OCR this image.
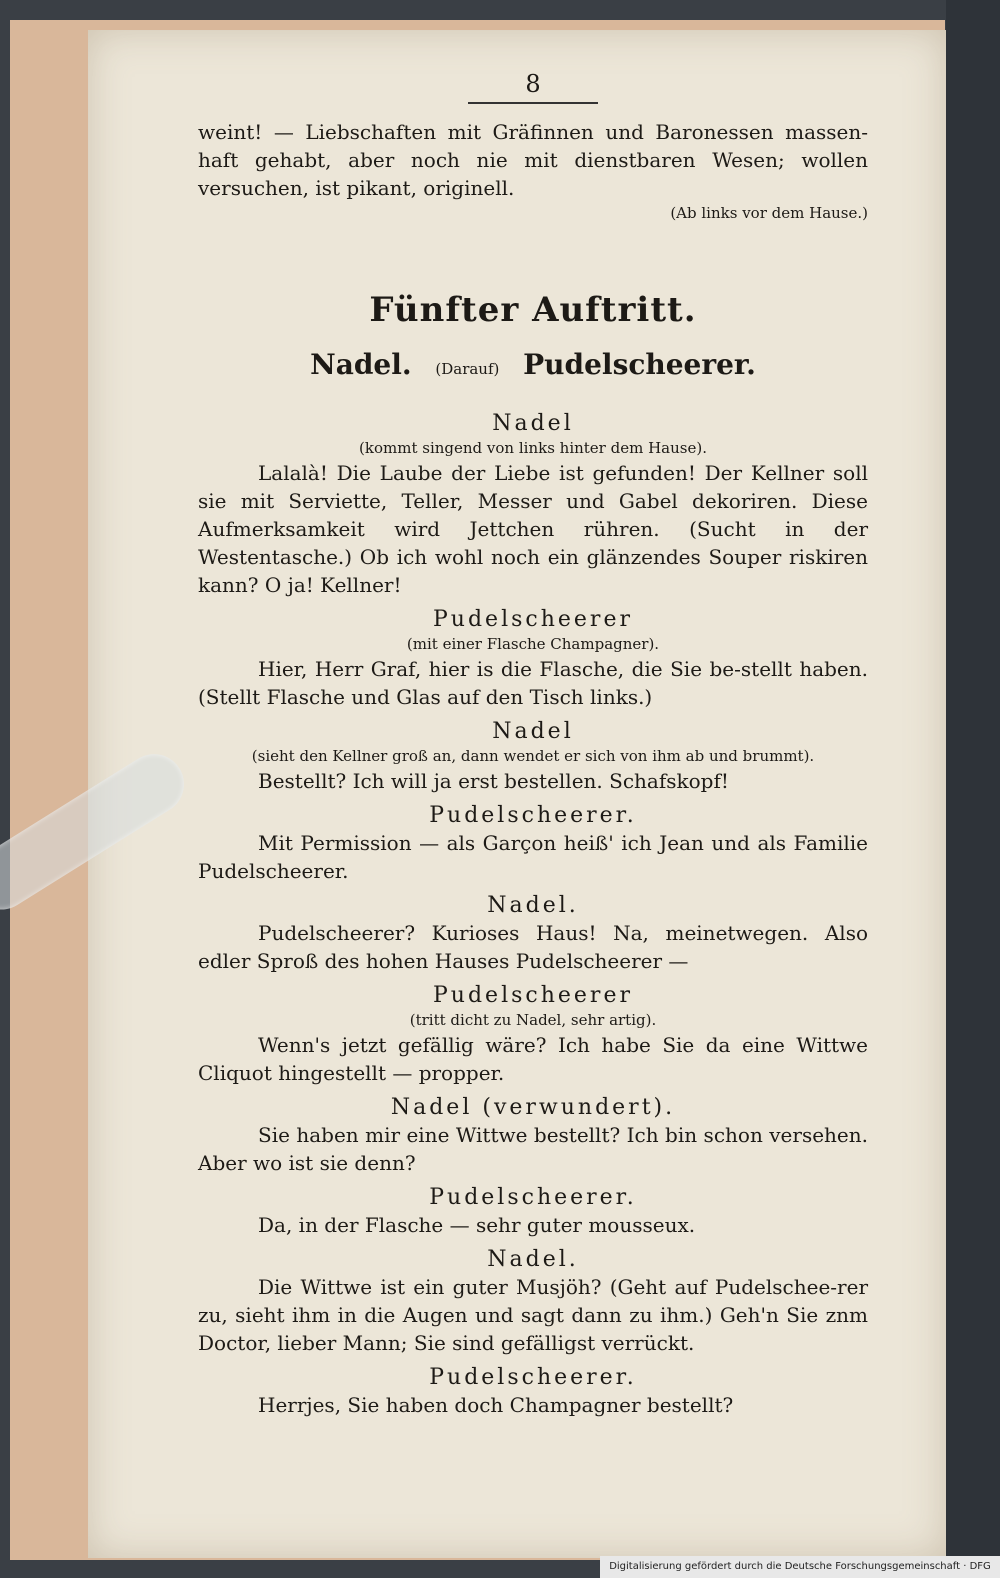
8

weint! — Liebschaften mit Gräfinnen und Baronessen massen-haft gehabt, aber noch nie mit dienstbaren Wesen; wollen versuchen, ist pikant, originell.

(Ab links vor dem Hause.)

Fünfter Auftritt.
Nadel. (Darauf) Pudelscheerer.
Nadel
(kommt singend von links hinter dem Hause).

Lalalà! Die Laube der Liebe ist gefunden! Der Kellner soll sie mit Serviette, Teller, Messer und Gabel dekoriren. Diese Aufmerksamkeit wird Jettchen rühren. (Sucht in der Westentasche.) Ob ich wohl noch ein glänzendes Souper riskiren kann? O ja! Kellner!

Pudelscheerer
(mit einer Flasche Champagner).

Hier, Herr Graf, hier is die Flasche, die Sie be-stellt haben. (Stellt Flasche und Glas auf den Tisch links.)

Nadel
(sieht den Kellner groß an, dann wendet er sich von ihm ab und brummt).

Bestellt? Ich will ja erst bestellen. Schafskopf!

Pudelscheerer.

Mit Permission — als Garçon heiß' ich Jean und als Familie Pudelscheerer.

Nadel.

Pudelscheerer? Kurioses Haus! Na, meinetwegen. Also edler Sproß des hohen Hauses Pudelscheerer —

Pudelscheerer
(tritt dicht zu Nadel, sehr artig).

Wenn's jetzt gefällig wäre? Ich habe Sie da eine Wittwe Cliquot hingestellt — propper.

Nadel (verwundert).

Sie haben mir eine Wittwe bestellt? Ich bin schon versehen. Aber wo ist sie denn?

Pudelscheerer.

Da, in der Flasche — sehr guter mousseux.

Nadel.

Die Wittwe ist ein guter Musjöh? (Geht auf Pudelschee-rer zu, sieht ihm in die Augen und sagt dann zu ihm.) Geh'n Sie znm Doctor, lieber Mann; Sie sind gefälligst verrückt.

Pudelscheerer.

Herrjes, Sie haben doch Champagner bestellt?

Digitalisierung gefördert durch die Deutsche Forschungsgemeinschaft · DFG
